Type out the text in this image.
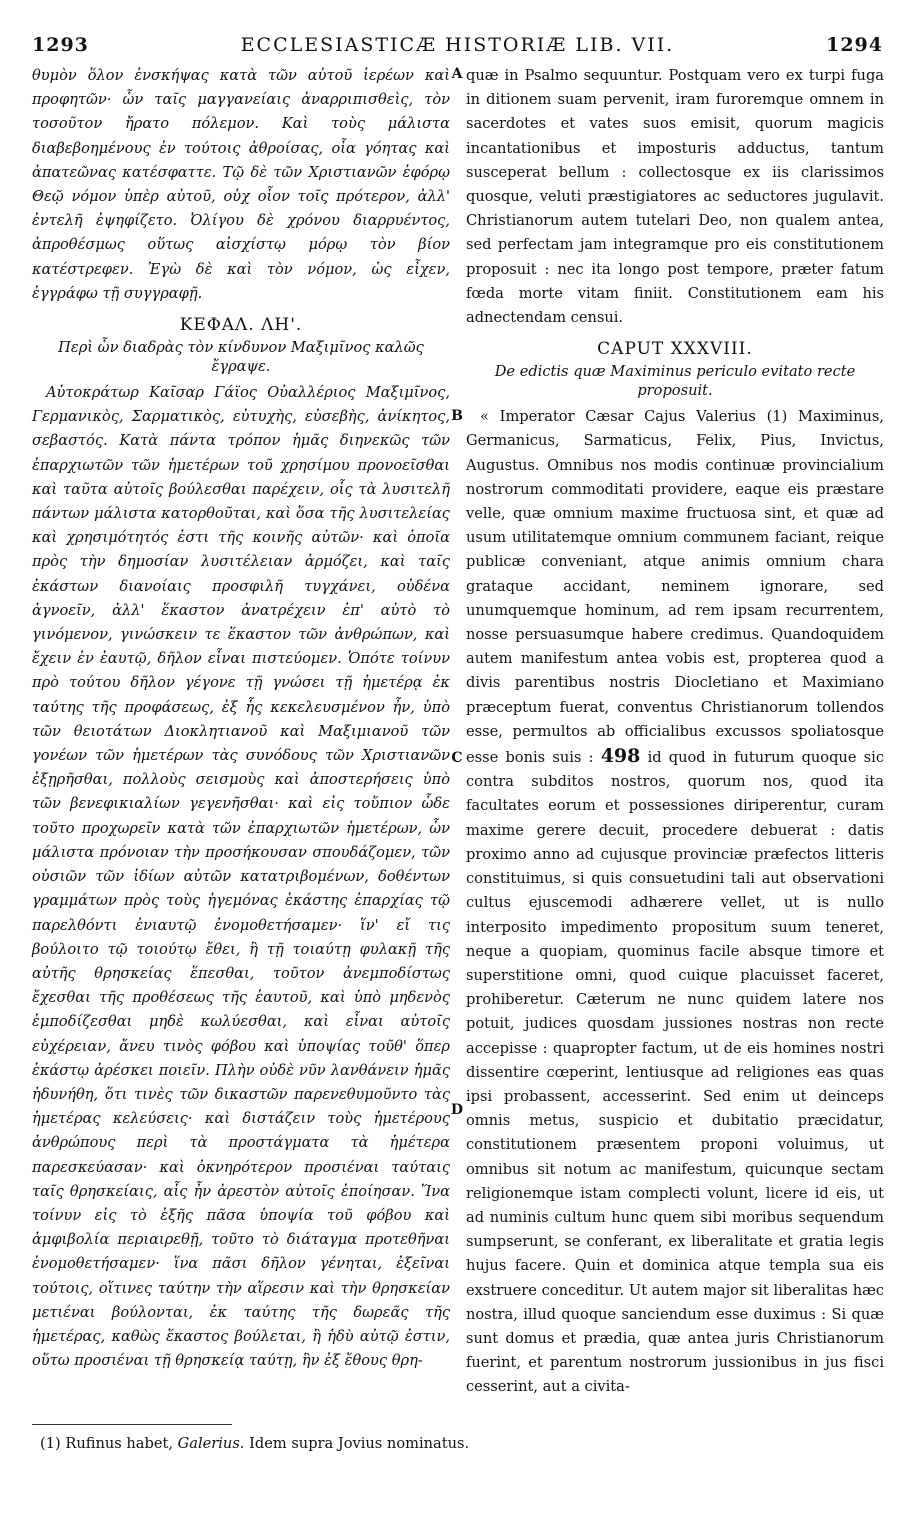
1293	ECCLESIASTICÆ HISTORIÆ LIB. VII.	1294

θυμὸν ὅλον ἐνσκήψας κατὰ τῶν αὐτοῦ ἱερέων καὶ προφητῶν· ὧν ταῖς μαγγανείαις ἀναρριπισθεὶς, τὸν τοσοῦτον ἤρατο πόλεμον. Καὶ τοὺς μάλιστα διαβεβοημένους ἐν τούτοις ἀθροίσας, οἷα γόητας καὶ ἀπατεῶνας κατέσφαττε. Τῷ δὲ τῶν Χριστιανῶν ἐφόρῳ Θεῷ νόμον ὑπὲρ αὐτοῦ, οὐχ οἷον τοῖς πρότερον, ἀλλ' ἐντελῆ ἐψηφίζετο. Ὀλίγου δὲ χρόνου διαρρυέντος, ἀπροθέσμως οὕτως αἰσχίστῳ μόρῳ τὸν βίον κατέστρεφεν. Ἐγὼ δὲ καὶ τὸν νόμον, ὡς εἶχεν, ἐγγράφω τῇ συγγραφῇ.

ΚΕΦΑΛ. ΛΗ'.
Περὶ ὧν διαδρὰς τὸν κίνδυνον Μαξιμῖνος καλῶς ἔγραψε.

Αὐτοκράτωρ Καῖσαρ Γάϊος Οὐαλλέριος Μαξιμῖνος, Γερμανικὸς, Σαρματικὸς, εὐτυχὴς, εὐσεβὴς, ἀνίκητος, σεβαστός. Κατὰ πάντα τρόπον ἡμᾶς διηνεκῶς τῶν ἐπαρχιωτῶν τῶν ἡμετέρων τοῦ χρησίμου προνοεῖσθαι καὶ ταῦτα αὐτοῖς βούλεσθαι παρέχειν, οἷς τὰ λυσιτελῆ πάντων μάλιστα κατορθοῦται, καὶ ὅσα τῆς λυσιτελείας καὶ χρησιμότητός ἐστι τῆς κοινῆς αὐτῶν· καὶ ὁποῖα πρὸς τὴν δημοσίαν λυσιτέλειαν ἁρμόζει, καὶ ταῖς ἑκάστων διανοίαις προσφιλῆ τυγχάνει, οὐδένα ἀγνοεῖν, ἀλλ' ἕκαστον ἀνατρέχειν ἐπ' αὐτὸ τὸ γινόμενον, γινώσκειν τε ἕκαστον τῶν ἀνθρώπων, καὶ ἔχειν ἐν ἑαυτῷ, δῆλον εἶναι πιστεύομεν. Ὁπότε τοίνυν πρὸ τούτου δῆλον γέγονε τῇ γνώσει τῇ ἡμετέρᾳ ἐκ ταύτης τῆς προφάσεως, ἐξ ἧς κεκελευσμένον ἦν, ὑπὸ τῶν θειοτάτων Διοκλητιανοῦ καὶ Μαξιμιανοῦ τῶν γονέων τῶν ἡμετέρων τὰς συνόδους τῶν Χριστιανῶν ἐξῃρῆσθαι, πολλοὺς σεισμοὺς καὶ ἀποστερήσεις ὑπὸ τῶν βενεφικιαλίων γεγενῆσθαι· καὶ εἰς τοὔπιον ὧδε τοῦτο προχωρεῖν κατὰ τῶν ἐπαρχιωτῶν ἡμετέρων, ὧν μάλιστα πρόνοιαν τὴν προσήκουσαν σπουδάζομεν, τῶν οὐσιῶν τῶν ἰδίων αὐτῶν κατατριβομένων, δοθέντων γραμμάτων πρὸς τοὺς ἡγεμόνας ἑκάστης ἐπαρχίας τῷ παρελθόντι ἐνιαυτῷ ἐνομοθετήσαμεν· ἵν' εἴ τις βούλοιτο τῷ τοιούτῳ ἔθει, ἢ τῇ τοιαύτῃ φυλακῇ τῆς αὐτῆς θρησκείας ἕπεσθαι, τοῦτον ἀνεμποδίστως ἔχεσθαι τῆς προθέσεως τῆς ἑαυτοῦ, καὶ ὑπὸ μηδενὸς ἐμποδίζεσθαι μηδὲ κωλύεσθαι, καὶ εἶναι αὐτοῖς εὐχέρειαν, ἄνευ τινὸς φόβου καὶ ὑποψίας τοῦθ' ὅπερ ἑκάστῳ ἀρέσκει ποιεῖν. Πλὴν οὐδὲ νῦν λανθάνειν ἡμᾶς ἠδυνήθη, ὅτι τινὲς τῶν δικαστῶν παρενεθυμοῦντο τὰς ἡμετέρας κελεύσεις· καὶ διστάζειν τοὺς ἡμετέρους ἀνθρώπους περὶ τὰ προστάγματα τὰ ἡμέτερα παρεσκεύασαν· καὶ ὀκνηρότερον προσιέναι ταύταις ταῖς θρησκείαις, αἷς ἦν ἀρεστὸν αὐτοῖς ἐποίησαν. Ἵνα τοίνυν εἰς τὸ ἑξῆς πᾶσα ὑποψία τοῦ φόβου καὶ ἀμφιβολία περιαιρεθῇ, τοῦτο τὸ διάταγμα προτεθῆναι ἐνομοθετήσαμεν· ἵνα πᾶσι δῆλον γένηται, ἐξεῖναι τούτοις, οἵτινες ταύτην τὴν αἵρεσιν καὶ τὴν θρησκείαν μετιέναι βούλονται, ἐκ ταύτης τῆς δωρεᾶς τῆς ἡμετέρας, καθὼς ἕκαστος βούλεται, ἢ ἡδὺ αὐτῷ ἐστιν, οὕτω προσιέναι τῇ θρησκείᾳ ταύτῃ, ἣν ἐξ ἔθους θρη-

quæ in Psalmo sequuntur. Postquam vero ex turpi fuga in ditionem suam pervenit, iram furoremque omnem in sacerdotes et vates suos emisit, quorum magicis incantationibus et imposturis adductus, tantum susceperat bellum : collectosque ex iis clarissimos quosque, veluti præstigiatores ac seductores jugulavit. Christianorum autem tutelari Deo, non qualem antea, sed perfectam jam integramque pro eis constitutionem proposuit : nec ita longo post tempore, præter fatum fœda morte vitam finiit. Constitutionem eam his adnectendam censui.

CAPUT XXXVIII.
De edictis quæ Maximinus periculo evitato recte proposuit.

« Imperator Cæsar Cajus Valerius (1) Maximinus, Germanicus, Sarmaticus, Felix, Pius, Invictus, Augustus. Omnibus nos modis continuæ provincialium nostrorum commoditati providere, eaque eis præstare velle, quæ omnium maxime fructuosa sint, et quæ ad usum utilitatemque omnium communem faciant, reique publicæ conveniant, atque animis omnium chara grataque accidant, neminem ignorare, sed unumquemque hominum, ad rem ipsam recurrentem, nosse persuasumque habere credimus. Quandoquidem autem manifestum antea vobis est, propterea quod a divis parentibus nostris Diocletiano et Maximiano præceptum fuerat, conventus Christianorum tollendos esse, permultos ab officialibus excussos spoliatosque esse bonis suis : 498 id quod in futurum quoque sic contra subditos nostros, quorum nos, quod ita facultates eorum et possessiones diriperentur, curam maxime gerere decuit, procedere debuerat : datis proximo anno ad cujusque provinciæ præfectos litteris constituimus, si quis consuetudini tali aut observationi cultus ejuscemodi adhærere vellet, ut is nullo interposito impedimento propositum suum teneret, neque a quopiam, quominus facile absque timore et superstitione omni, quod cuique placuisset faceret, prohiberetur. Cæterum ne nunc quidem latere nos potuit, judices quosdam jussiones nostras non recte accepisse : quapropter factum, ut de eis homines nostri dissentire cœperint, lentiusque ad religiones eas quas ipsi probassent, accesserint. Sed enim ut deinceps omnis metus, suspicio et dubitatio præcidatur, constitutionem præsentem proponi voluimus, ut omnibus sit notum ac manifestum, quicunque sectam religionemque istam complecti volunt, licere id eis, ut ad numinis cultum hunc quem sibi moribus sequendum sumpserunt, se conferant, ex liberalitate et gratia legis hujus facere. Quin et dominica atque templa sua eis exstruere conceditur. Ut autem major sit liberalitas hæc nostra, illud quoque sanciendum esse duximus : Si quæ sunt domus et prædia, quæ antea juris Christianorum fuerint, et parentum nostrorum jussionibus in jus fisci cesserint, aut a civita-

A
B
C
D
(1) Rufinus habet, Galerius. Idem supra Jovius nominatus.
